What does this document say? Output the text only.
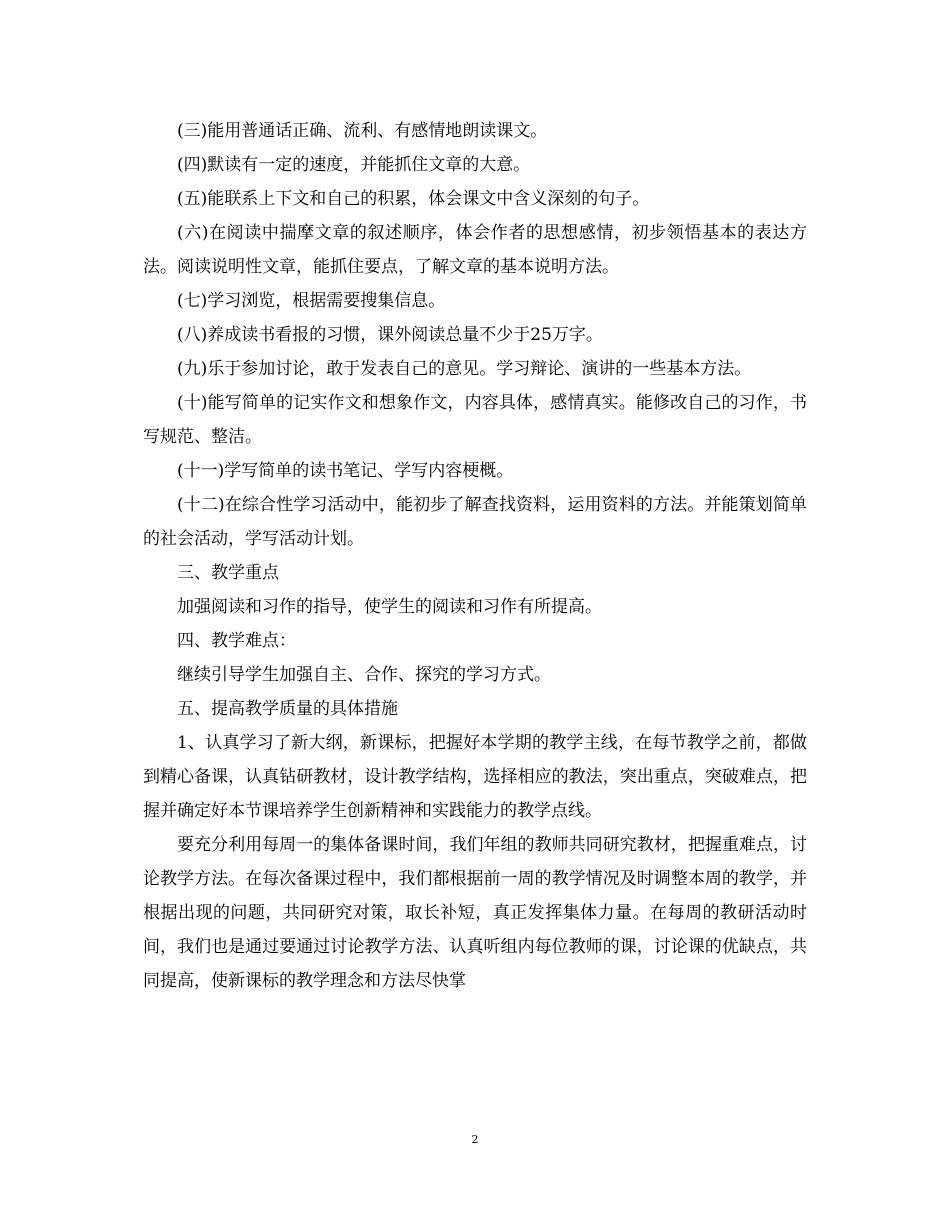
(三)能用普通话正确、流利、有感情地朗读课文。

(四)默读有一定的速度，并能抓住文章的大意。

(五)能联系上下文和自己的积累，体会课文中含义深刻的句子。

(六)在阅读中揣摩文章的叙述顺序，体会作者的思想感情，初步领悟基本的表达方法。阅读说明性文章，能抓住要点，了解文章的基本说明方法。

(七)学习浏览，根据需要搜集信息。

(八)养成读书看报的习惯，课外阅读总量不少于25万字。

(九)乐于参加讨论，敢于发表自己的意见。学习辩论、演讲的一些基本方法。

(十)能写简单的记实作文和想象作文，内容具体，感情真实。能修改自己的习作，书写规范、整洁。

(十一)学写简单的读书笔记、学写内容梗概。

(十二)在综合性学习活动中，能初步了解查找资料，运用资料的方法。并能策划简单的社会活动，学写活动计划。

三、教学重点

加强阅读和习作的指导，使学生的阅读和习作有所提高。

四、教学难点：

继续引导学生加强自主、合作、探究的学习方式。

五、提高教学质量的具体措施

1、认真学习了新大纲，新课标，把握好本学期的教学主线，在每节教学之前，都做到精心备课，认真钻研教材，设计教学结构，选择相应的教法，突出重点，突破难点，把握并确定好本节课培养学生创新精神和实践能力的教学点线。

要充分利用每周一的集体备课时间，我们年组的教师共同研究教材，把握重难点，讨论教学方法。在每次备课过程中，我们都根据前一周的教学情况及时调整本周的教学，并根据出现的问题，共同研究对策，取长补短，真正发挥集体力量。在每周的教研活动时间，我们也是通过要通过讨论教学方法、认真听组内每位教师的课，讨论课的优缺点，共同提高，使新课标的教学理念和方法尽快掌

2
